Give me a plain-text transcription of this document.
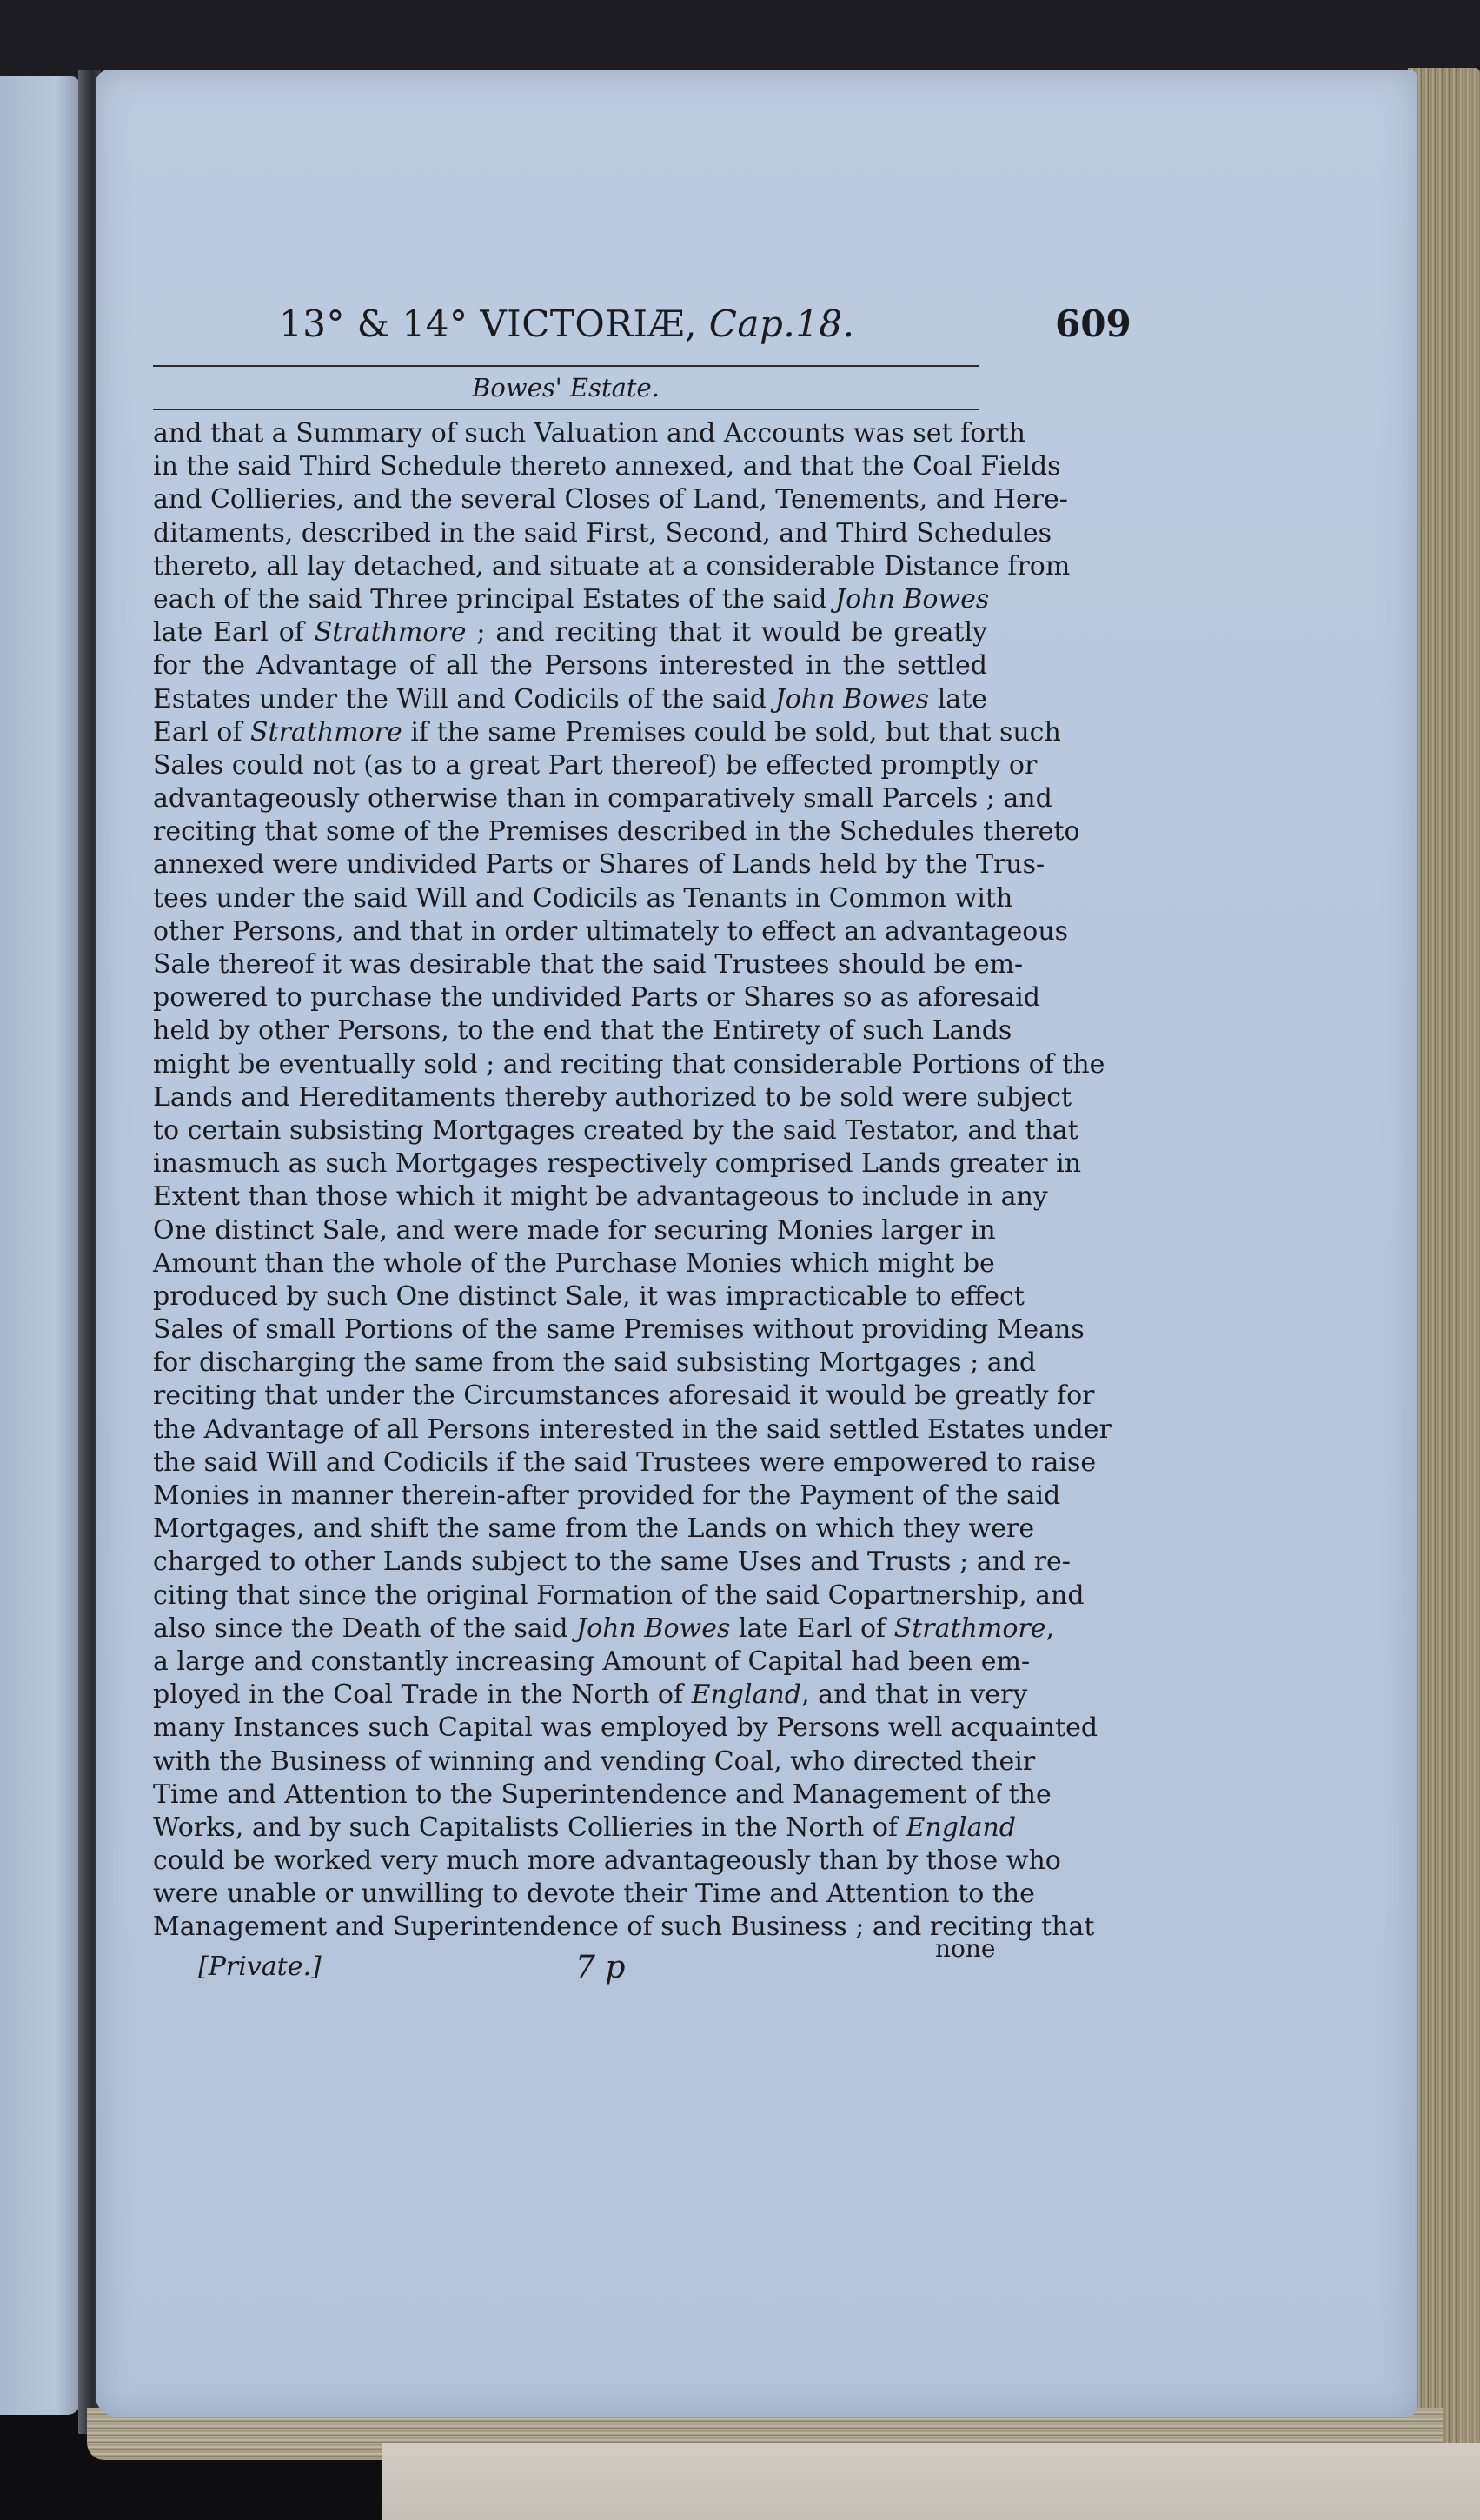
13° & 14° VICTORIÆ, Cap.18.	609
Bowes' Estate.
and that a Summary of such Valuation and Accounts was set forth
in the said Third Schedule thereto annexed, and that the Coal Fields
and Collieries, and the several Closes of Land, Tenements, and Here-
ditaments, described in the said First, Second, and Third Schedules
thereto, all lay detached, and situate at a considerable Distance from
each of the said Three principal Estates of the said John Bowes
late Earl of Strathmore ; and reciting that it would be greatly
for the Advantage of all the Persons interested in the settled
Estates under the Will and Codicils of the said John Bowes late
Earl of Strathmore if the same Premises could be sold, but that such
Sales could not (as to a great Part thereof) be effected promptly or
advantageously otherwise than in comparatively small Parcels ; and
reciting that some of the Premises described in the Schedules thereto
annexed were undivided Parts or Shares of Lands held by the Trus-
tees under the said Will and Codicils as Tenants in Common with
other Persons, and that in order ultimately to effect an advantageous
Sale thereof it was desirable that the said Trustees should be em-
powered to purchase the undivided Parts or Shares so as aforesaid
held by other Persons, to the end that the Entirety of such Lands
might be eventually sold ; and reciting that considerable Portions of the
Lands and Hereditaments thereby authorized to be sold were subject
to certain subsisting Mortgages created by the said Testator, and that
inasmuch as such Mortgages respectively comprised Lands greater in
Extent than those which it might be advantageous to include in any
One distinct Sale, and were made for securing Monies larger in
Amount than the whole of the Purchase Monies which might be
produced by such One distinct Sale, it was impracticable to effect
Sales of small Portions of the same Premises without providing Means
for discharging the same from the said subsisting Mortgages ; and
reciting that under the Circumstances aforesaid it would be greatly for
the Advantage of all Persons interested in the said settled Estates under
the said Will and Codicils if the said Trustees were empowered to raise
Monies in manner therein-after provided for the Payment of the said
Mortgages, and shift the same from the Lands on which they were
charged to other Lands subject to the same Uses and Trusts ; and re-
citing that since the original Formation of the said Copartnership, and
also since the Death of the said John Bowes late Earl of Strathmore,
a large and constantly increasing Amount of Capital had been em-
ployed in the Coal Trade in the North of England, and that in very
many Instances such Capital was employed by Persons well acquainted
with the Business of winning and vending Coal, who directed their
Time and Attention to the Superintendence and Management of the
Works, and by such Capitalists Collieries in the North of England
could be worked very much more advantageously than by those who
were unable or unwilling to devote their Time and Attention to the
Management and Superintendence of such Business ; and reciting that
none
[Private.]	7 p
